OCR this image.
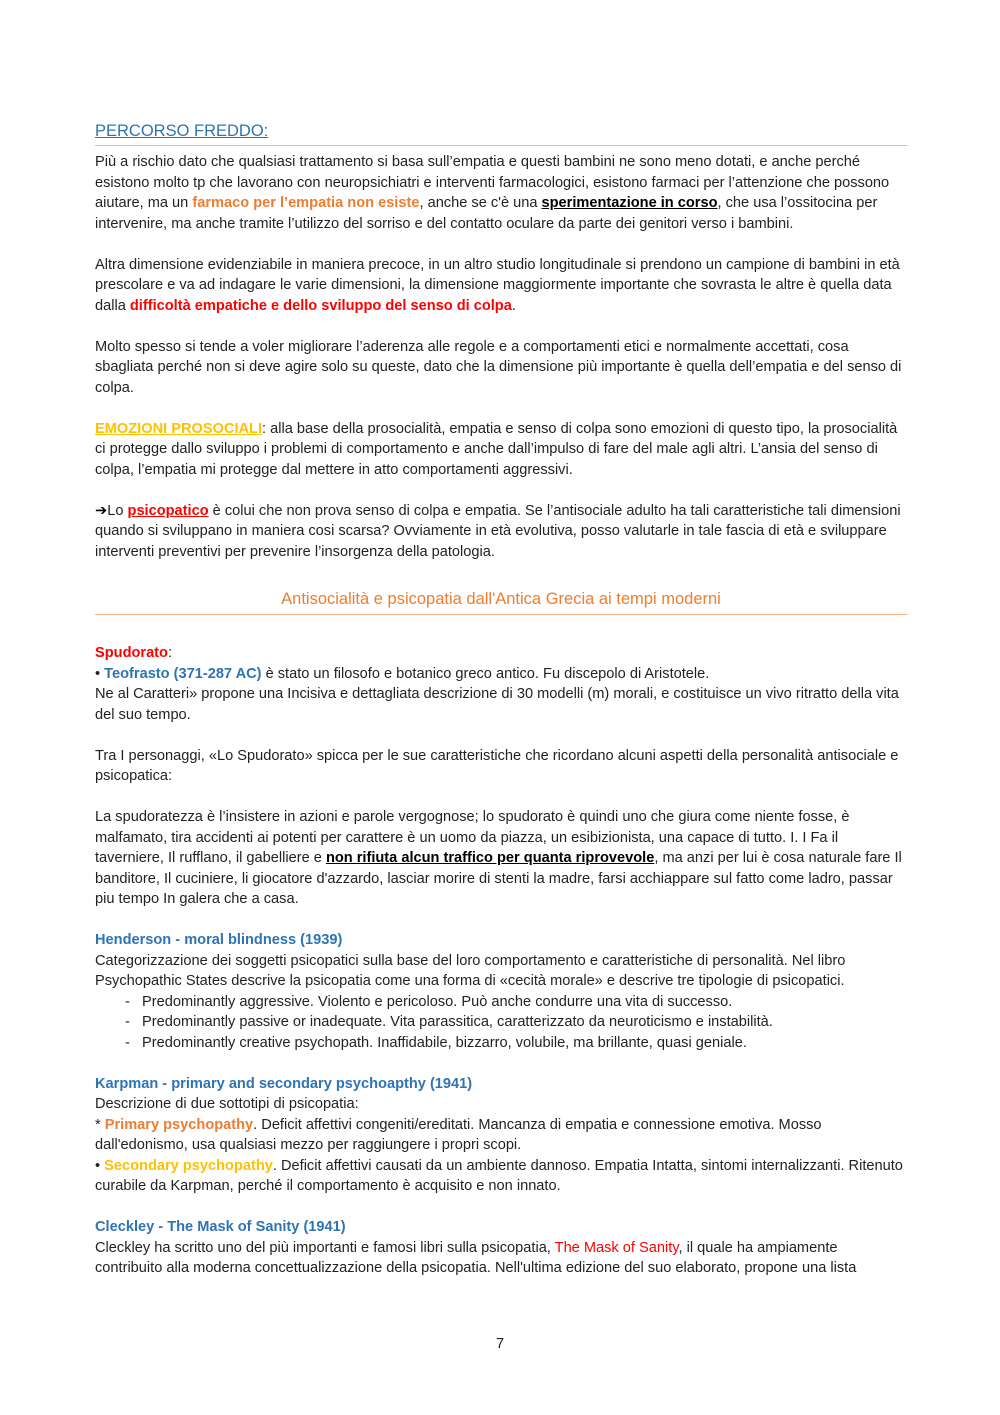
PERCORSO FREDDO:

Più a rischio dato che qualsiasi trattamento si basa sull’empatia e questi bambini ne sono meno dotati, e anche perché esistono molto tp che lavorano con neuropsichiatri e interventi farmacologici, esistono farmaci per l’attenzione che possono aiutare, ma un farmaco per l’empatia non esiste, anche se c'è una sperimentazione in corso, che usa l’ossitocina per intervenire, ma anche tramite l’utilizzo del sorriso e del contatto oculare da parte dei genitori verso i bambini.

Altra dimensione evidenziabile in maniera precoce, in un altro studio longitudinale si prendono un campione di bambini in età prescolare e va ad indagare le varie dimensioni, la dimensione maggiormente importante che sovrasta le altre è quella data dalla difficoltà empatiche e dello sviluppo del senso di colpa.

Molto spesso si tende a voler migliorare l’aderenza alle regole e a comportamenti etici e normalmente accettati, cosa sbagliata perché non si deve agire solo su queste, dato che la dimensione più importante è quella dell’empatia e del senso di colpa.

EMOZIONI PROSOCIALI: alla base della prosocialità, empatia e senso di colpa sono emozioni di questo tipo, la prosocialità ci protegge dallo sviluppo i problemi di comportamento e anche dall’impulso di fare del male agli altri. L’ansia del senso di colpa, l’empatia mi protegge dal mettere in atto comportamenti aggressivi.

➔Lo psicopatico è colui che non prova senso di colpa e empatia. Se l’antisociale adulto ha tali caratteristiche tali dimensioni quando si sviluppano in maniera cosi scarsa? Ovviamente in età evolutiva, posso valutarle in tale fascia di età e sviluppare interventi preventivi per prevenire l’insorgenza della patologia.

Antisocialità e psicopatia dall'Antica Grecia ai tempi moderni

Spudorato:

• Teofrasto (371-287 AC) è stato un filosofo e botanico greco antico. Fu discepolo di Aristotele.

Ne al Caratteri» propone una Incisiva e dettagliata descrizione di 30 modelli (m) morali, e costituisce un vivo ritratto della vita del suo tempo.

Tra I personaggi, «Lo Spudorato» spicca per le sue caratteristiche che ricordano alcuni aspetti della personalità antisociale e psicopatica:

La spudoratezza è l’insistere in azioni e parole vergognose; lo spudorato è quindi uno che giura come niente fosse, è malfamato, tira accidenti ai potenti per carattere è un uomo da piazza, un esibizionista, una capace di tutto. I. I Fa il taverniere, Il rufflano, il gabelliere e non rifiuta alcun traffico per quanta riprovevole, ma anzi per lui è cosa naturale fare Il banditore, Il cuciniere, li giocatore d'azzardo, lasciar morire di stenti la madre, farsi acchiappare sul fatto come ladro, passar piu tempo In galera che a casa.

Henderson - moral blindness (1939)

Categorizzazione dei soggetti psicopatici sulla base del loro comportamento e caratteristiche di personalità. Nel libro Psychopathic States descrive la psicopatia come una forma di «cecità morale» e descrive tre tipologie di psicopatici.

- Predominantly aggressive. Violento e pericoloso. Può anche condurre una vita di successo.
- Predominantly passive or inadequate. Vita parassitica, caratterizzato da neuroticismo e instabilità.
- Predominantly creative psychopath. Inaffidabile, bizzarro, volubile, ma brillante, quasi geniale.

Karpman - primary and secondary psychoapthy (1941)

Descrizione di due sottotipi di psicopatia:

* Primary psychopathy. Deficit affettivi congeniti/ereditati. Mancanza di empatia e connessione emotiva. Mosso dall'edonismo, usa qualsiasi mezzo per raggiungere i propri scopi.

• Secondary psychopathy. Deficit affettivi causati da un ambiente dannoso. Empatia Intatta, sintomi internalizzanti. Ritenuto curabile da Karpman, perché il comportamento è acquisito e non innato.

Cleckley - The Mask of Sanity (1941)

Cleckley ha scritto uno del più importanti e famosi libri sulla psicopatia, The Mask of Sanity, il quale ha ampiamente contribuito alla moderna concettualizzazione della psicopatia. Nell'ultima edizione del suo elaborato, propone una lista

7
